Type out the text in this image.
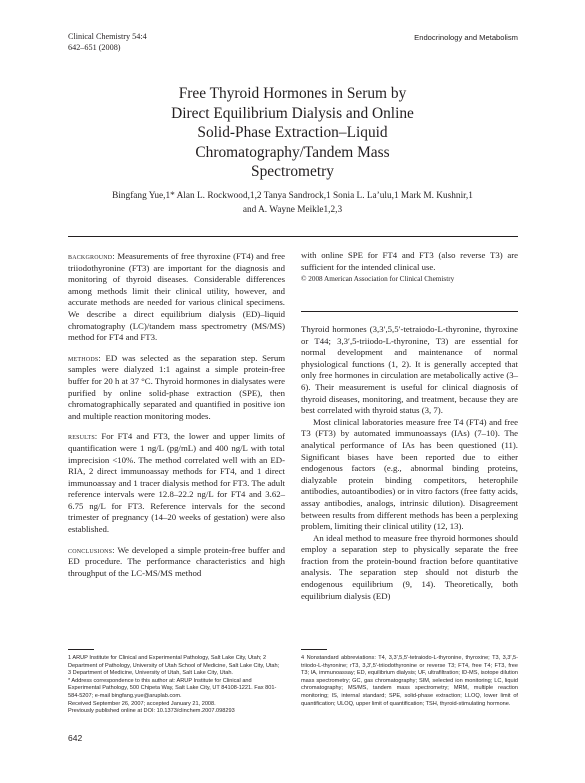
Clinical Chemistry 54:4
642–651 (2008)
Endocrinology and Metabolism
Free Thyroid Hormones in Serum by
Direct Equilibrium Dialysis and Online
Solid-Phase Extraction–Liquid
Chromatography/Tandem Mass
Spectrometry
Bingfang Yue,1* Alan L. Rockwood,1,2 Tanya Sandrock,1 Sonia L. La’ulu,1 Mark M. Kushnir,1
and A. Wayne Meikle1,2,3

background: Measurements of free thyroxine (FT4) and free triiodothyronine (FT3) are important for the diagnosis and monitoring of thyroid diseases. Considerable differences among methods limit their clinical utility, however, and accurate methods are needed for various clinical specimens. We describe a direct equilibrium dialysis (ED)–liquid chromatography (LC)/tandem mass spectrometry (MS/MS) method for FT4 and FT3.

methods: ED was selected as the separation step. Serum samples were dialyzed 1:1 against a simple protein-free buffer for 20 h at 37 °C. Thyroid hormones in dialysates were purified by online solid-phase extraction (SPE), then chromatographically separated and quantified in positive ion and multiple reaction monitoring modes.

results: For FT4 and FT3, the lower and upper limits of quantification were 1 ng/L (pg/mL) and 400 ng/L with total imprecision <10%. The method correlated well with an ED-RIA, 2 direct immunoassay methods for FT4, and 1 direct immunoassay and 1 tracer dialysis method for FT3. The adult reference intervals were 12.8–22.2 ng/L for FT4 and 3.62–6.75 ng/L for FT3. Reference intervals for the second trimester of pregnancy (14–20 weeks of gestation) were also established.

conclusions: We developed a simple protein-free buffer and ED procedure. The performance characteristics and high throughput of the LC-MS/MS method

with online SPE for FT4 and FT3 (also reverse T3) are sufficient for the intended clinical use.

© 2008 American Association for Clinical Chemistry

Thyroid hormones (3,3′,5,5′-tetraiodo-L-thyronine, thyroxine or T44; 3,3′,5-triiodo-L-thyronine, T3) are essential for normal development and maintenance of normal physiological functions (1, 2). It is generally accepted that only free hormones in circulation are metabolically active (3–6). Their measurement is useful for clinical diagnosis of thyroid diseases, monitoring, and treatment, because they are best correlated with thyroid status (3, 7).

Most clinical laboratories measure free T4 (FT4) and free T3 (FT3) by automated immunoassays (IAs) (7–10). The analytical performance of IAs has been questioned (11). Significant biases have been reported due to either endogenous factors (e.g., abnormal binding proteins, dialyzable protein binding competitors, heterophile antibodies, autoantibodies) or in vitro factors (free fatty acids, assay antibodies, analogs, intrinsic dilution). Disagreement between results from different methods has been a perplexing problem, limiting their clinical utility (12, 13).

An ideal method to measure free thyroid hormones should employ a separation step to physically separate the free fraction from the protein-bound fraction before quantitative analysis. The separation step should not disturb the endogenous equilibrium (9, 14). Theoretically, both equilibrium dialysis (ED)

1 ARUP Institute for Clinical and Experimental Pathology, Salt Lake City, Utah; 2 Department of Pathology, University of Utah School of Medicine, Salt Lake City, Utah; 3 Department of Medicine, University of Utah, Salt Lake City, Utah.

* Address correspondence to this author at: ARUP Institute for Clinical and Experimental Pathology, 500 Chipeta Way, Salt Lake City, UT 84108-1221. Fax 801-584-5207; e-mail bingfang.yue@aruplab.com.

Received September 26, 2007; accepted January 21, 2008.

Previously published online at DOI: 10.1373/clinchem.2007.098293

4 Nonstandard abbreviations: T4, 3,3′,5,5′-tetraiodo-L-thyronine, thyroxine; T3, 3,3′,5-triiodo-L-thyronine; rT3, 3,3′,5′-triiodothyronine or reverse T3; FT4, free T4; FT3, free T3; IA, immunoassay; ED, equilibrium dialysis; UF, ultrafiltration; ID-MS, isotope dilution mass spectrometry; GC, gas chromatography; SIM, selected ion monitoring; LC, liquid chromatography; MS/MS, tandem mass spectrometry; MRM, multiple reaction monitoring; IS, internal standard; SPE, solid-phase extraction; LLOQ, lower limit of quantification; ULOQ, upper limit of quantification; TSH, thyroid-stimulating hormone.

642
